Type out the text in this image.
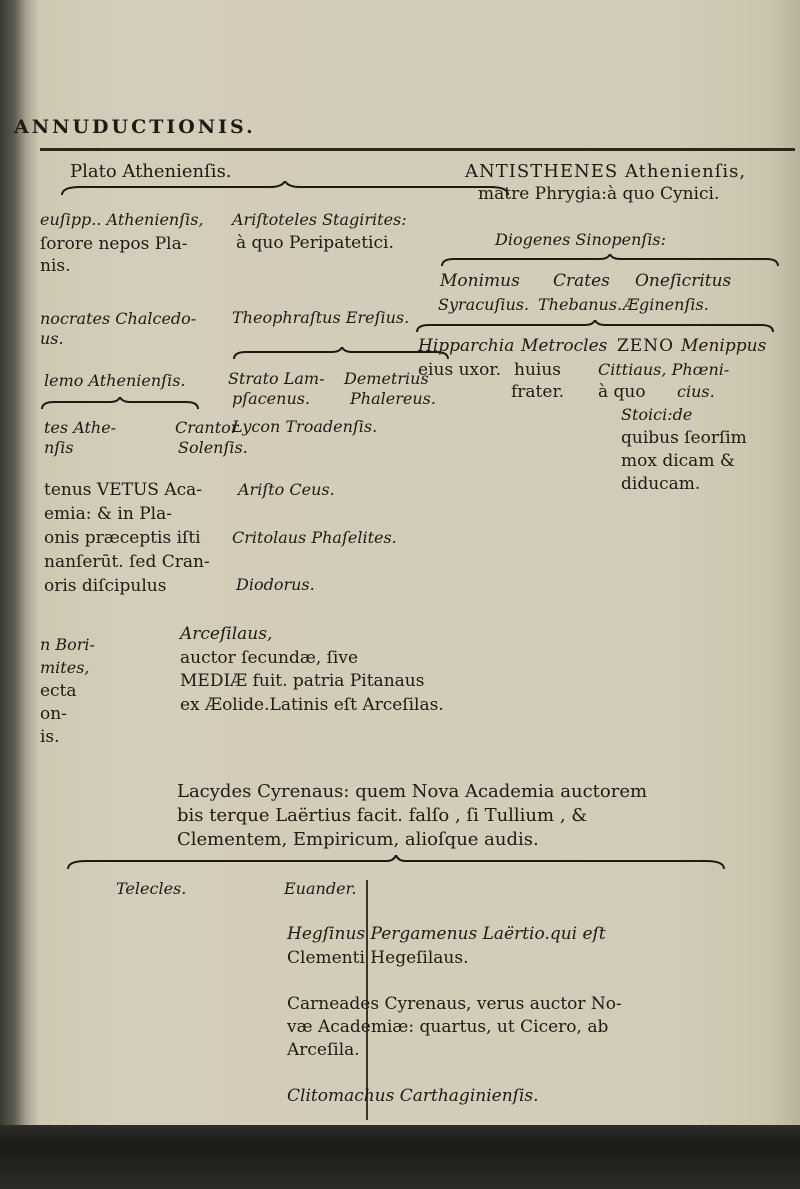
ANNUDUCTIONIS.
Plato Athenienſis.
euſipp.. Athenienſis,
ſorore nepos Pla-
nis.
nocrates Chalcedo-
us.
lemo Athenienſis.
tes Athe-
nſis
Crantor
Solenſis.
tenus VETUS Aca-
emia: & in Pla-
onis præceptis iſti
nanſerūt. ſed Cran-
oris diſcipulus
n Bori-
mites,
ecta
on-
is.
Ariſtoteles Stagirites:
à quo Peripatetici.
Theophraſtus Ereſius.
Strato Lam-
pſacenus.
Demetrius
Phalereus.
Lycon Troadenſis.
Ariſto Ceus.
Critolaus Phaſelites.
Diodorus.
Arceſilaus,
auctor ſecundæ, ſive
MEDIÆ fuit. patria Pitanaus
ex Æolide.Latinis eſt Arceſilas.
ANTISTHENES Athenienſis,
matre Phrygia:à quo Cynici.
Diogenes Sinopenſis:
Monimus Crates Oneſicritus
Syracuſius. Thebanus. Æginenſis.
Hipparchia Metrocles ZENO Menippus
eius uxor. huius
frater.
Cittiaus, Phœni-
à quo cius.
Stoici:de
quibus ſeorſim
mox dicam &
diducam.
Lacydes Cyrenaus: quem Nova Academia auctorem
bis terque Laërtius facit. falſo , ſi Tullium , &
Clementem, Empiricum, alioſque audis.
Telecles.	Euander.
Hegſinus Pergamenus Laërtio.qui eſt
Clementi Hegeſilaus.
Carneades Cyrenaus, verus auctor No-
væ Academiæ: quartus, ut Cicero, ab
Arceſila.
Clitomachus Carthaginienſis.
